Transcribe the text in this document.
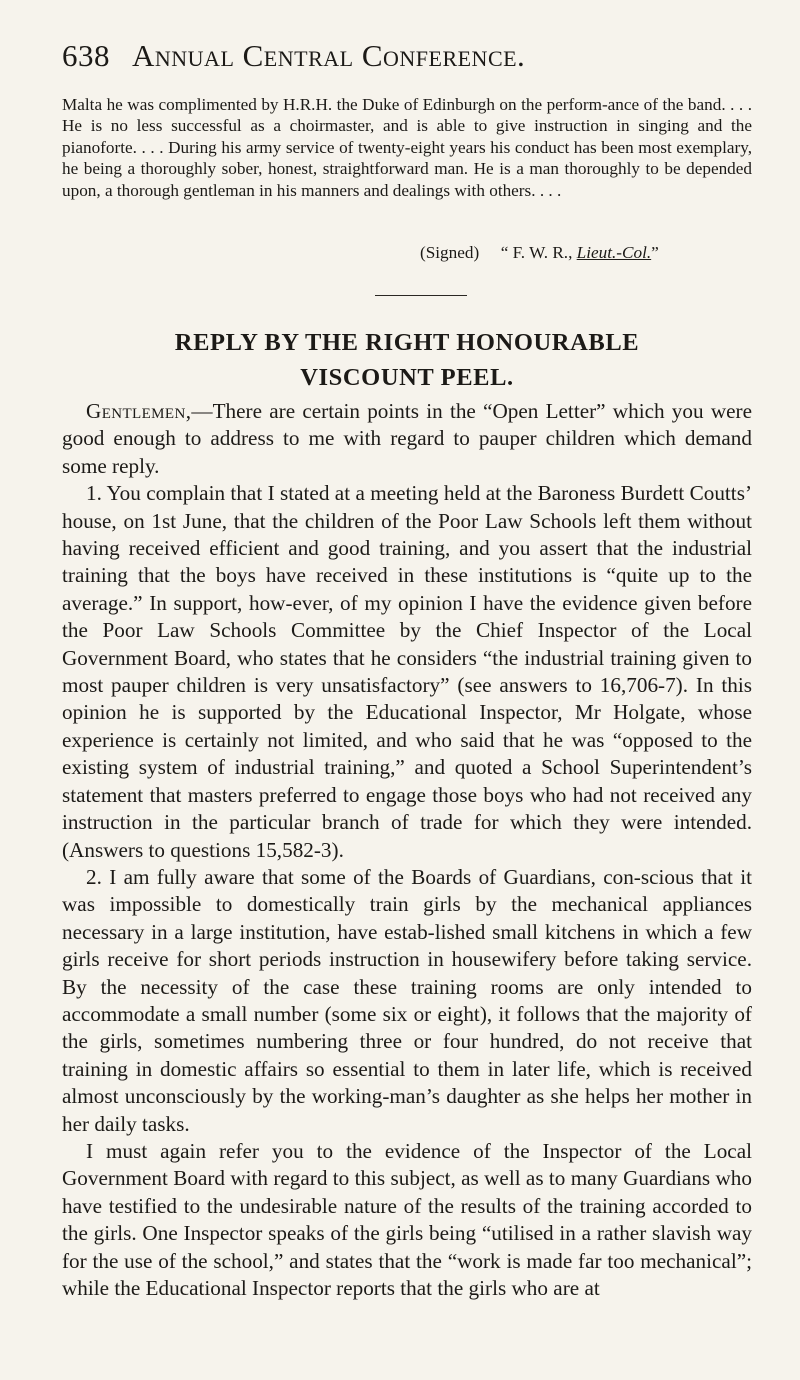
638 Annual Central Conference.

Malta he was complimented by H.R.H. the Duke of Edinburgh on the perform-ance of the band. . . . He is no less successful as a choirmaster, and is able to give instruction in singing and the pianoforte. . . . During his army service of twenty-eight years his conduct has been most exemplary, he being a thoroughly sober, honest, straightforward man. He is a man thoroughly to be depended upon, a thorough gentleman in his manners and dealings with others. . . .

(Signed) “ F. W. R., Lieut.-Col.”
REPLY BY THE RIGHT HONOURABLE
VISCOUNT PEEL.

Gentlemen,—There are certain points in the “Open Letter” which you were good enough to address to me with regard to pauper children which demand some reply.

1. You complain that I stated at a meeting held at the Baroness Burdett Coutts’ house, on 1st June, that the children of the Poor Law Schools left them without having received efficient and good training, and you assert that the industrial training that the boys have received in these institutions is “quite up to the average.” In support, how-ever, of my opinion I have the evidence given before the Poor Law Schools Committee by the Chief Inspector of the Local Government Board, who states that he considers “the industrial training given to most pauper children is very unsatisfactory” (see answers to 16,706-7). In this opinion he is supported by the Educational Inspector, Mr Holgate, whose experience is certainly not limited, and who said that he was “opposed to the existing system of industrial training,” and quoted a School Superintendent’s statement that masters preferred to engage those boys who had not received any instruction in the particular branch of trade for which they were intended. (Answers to questions 15,582-3).

2. I am fully aware that some of the Boards of Guardians, con-scious that it was impossible to domestically train girls by the mechanical appliances necessary in a large institution, have estab-lished small kitchens in which a few girls receive for short periods instruction in housewifery before taking service. By the necessity of the case these training rooms are only intended to accommodate a small number (some six or eight), it follows that the majority of the girls, sometimes numbering three or four hundred, do not receive that training in domestic affairs so essential to them in later life, which is received almost unconsciously by the working-man’s daughter as she helps her mother in her daily tasks.

I must again refer you to the evidence of the Inspector of the Local Government Board with regard to this subject, as well as to many Guardians who have testified to the undesirable nature of the results of the training accorded to the girls. One Inspector speaks of the girls being “utilised in a rather slavish way for the use of the school,” and states that the “work is made far too mechanical”; while the Educational Inspector reports that the girls who are at
